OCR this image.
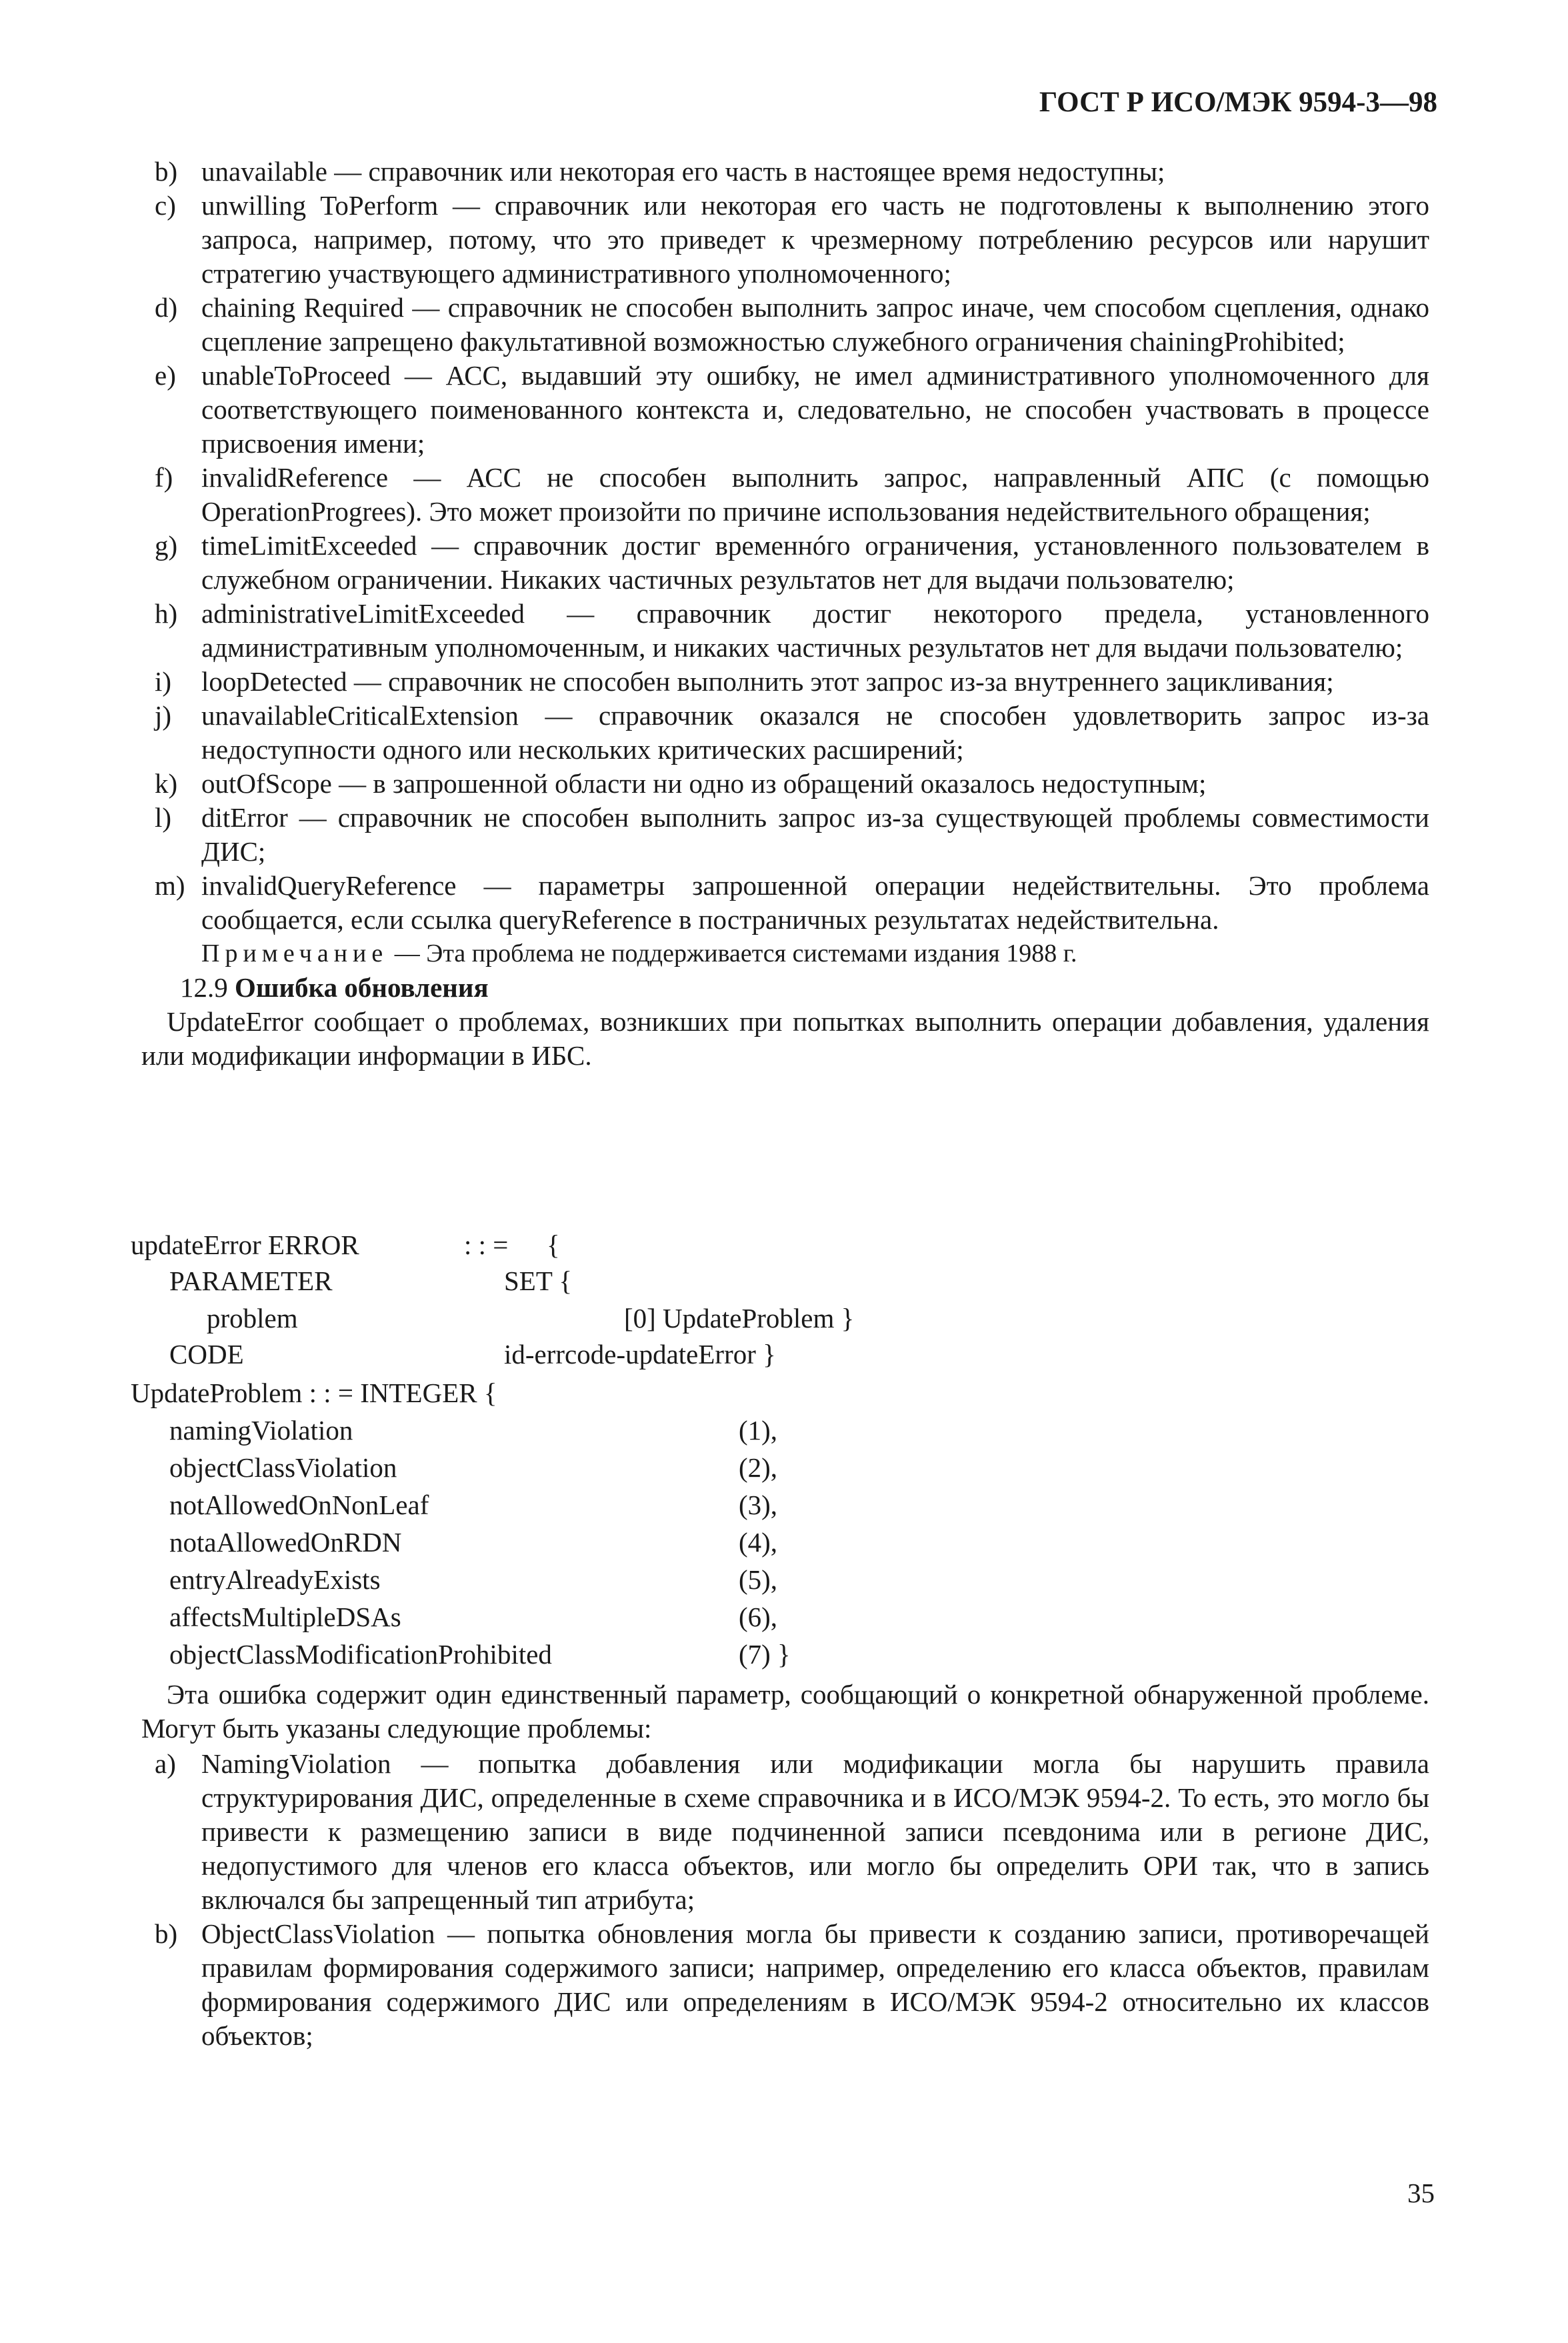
ГОСТ Р ИСО/МЭК 9594-3—98
b) unavailable — справочник или некоторая его часть в настоящее время недоступны;
c) unwilling ToPerform — справочник или некоторая его часть не подготовлены к выполнению этого запроса, например, потому, что это приведет к чрезмерному потреблению ресурсов или нарушит стратегию участвующего административного уполномоченного;
d) chaining Required — справочник не способен выполнить запрос иначе, чем способом сцепления, однако сцепление запрещено факультативной возможностью служебного ограничения chainingProhibited;
e) unableToProceed — АСС, выдавший эту ошибку, не имел административного уполномоченного для соответствующего поименованного контекста и, следовательно, не способен участвовать в процессе присвоения имени;
f)	invalidReference — АСС не способен выполнить запрос, направленный АПС (с помощью OperationProgrees). Это может произойти по причине использования недействительного обращения;
g) timeLimitExceeded — справочник достиг временнóго ограничения, установленного пользователем в служебном ограничении. Никаких частичных результатов нет для выдачи пользователю;
h) administrativeLimitExceeded — справочник достиг некоторого предела, установленного административным уполномоченным, и никаких частичных результатов нет для выдачи пользователю;
i)	loopDetected — справочник не способен выполнить этот запрос из-за внутреннего зацикливания;
j)	unavailableCriticalExtension — справочник оказался не способен удовлетворить запрос из-за недоступности одного или нескольких критических расширений;
k) outOfScope — в запрошенной области ни одно из обращений оказалось недоступным;
l)	ditError — справочник не способен выполнить запрос из-за существующей проблемы совместимости ДИС;
m) invalidQueryReference — параметры запрошенной операции недействительны. Это проблема сообщается, если ссылка queryReference в постраничных результатах недействительна.
Примечание — Эта проблема не поддерживается системами издания 1988 г.
12.9 Ошибка обновления
UpdateError сообщает о проблемах, возникших при попытках выполнить операции добавления, удаления или модификации информации в ИБС.
updateError ERROR	: : = {
PARAMETER	SET {
problem	[0] UpdateProblem }
CODE	id-errcode-updateError }
UpdateProblem : : = INTEGER {
namingViolation	(1),
objectClassViolation	(2),
notAllowedOnNonLeaf	(3),
notaAllowedOnRDN	(4),
entryAlreadyExists	(5),
affectsMultipleDSAs	(6),
objectClassModificationProhibited	(7) }
Эта ошибка содержит один единственный параметр, сообщающий о конкретной обнаруженной проблеме. Могут быть указаны следующие проблемы:
a) NamingViolation — попытка добавления или модификации могла бы нарушить правила структурирования ДИС, определенные в схеме справочника и в ИСО/МЭК 9594-2. То есть, это могло бы привести к размещению записи в виде подчиненной записи псевдонима или в регионе ДИС, недопустимого для членов его класса объектов, или могло бы определить ОРИ так, что в запись включался бы запрещенный тип атрибута;
b) ObjectClassViolation — попытка обновления могла бы привести к созданию записи, противоречащей правилам формирования содержимого записи; например, определению его класса объектов, правилам формирования содержимого ДИС или определениям в ИСО/МЭК 9594-2 относительно их классов объектов;
35
